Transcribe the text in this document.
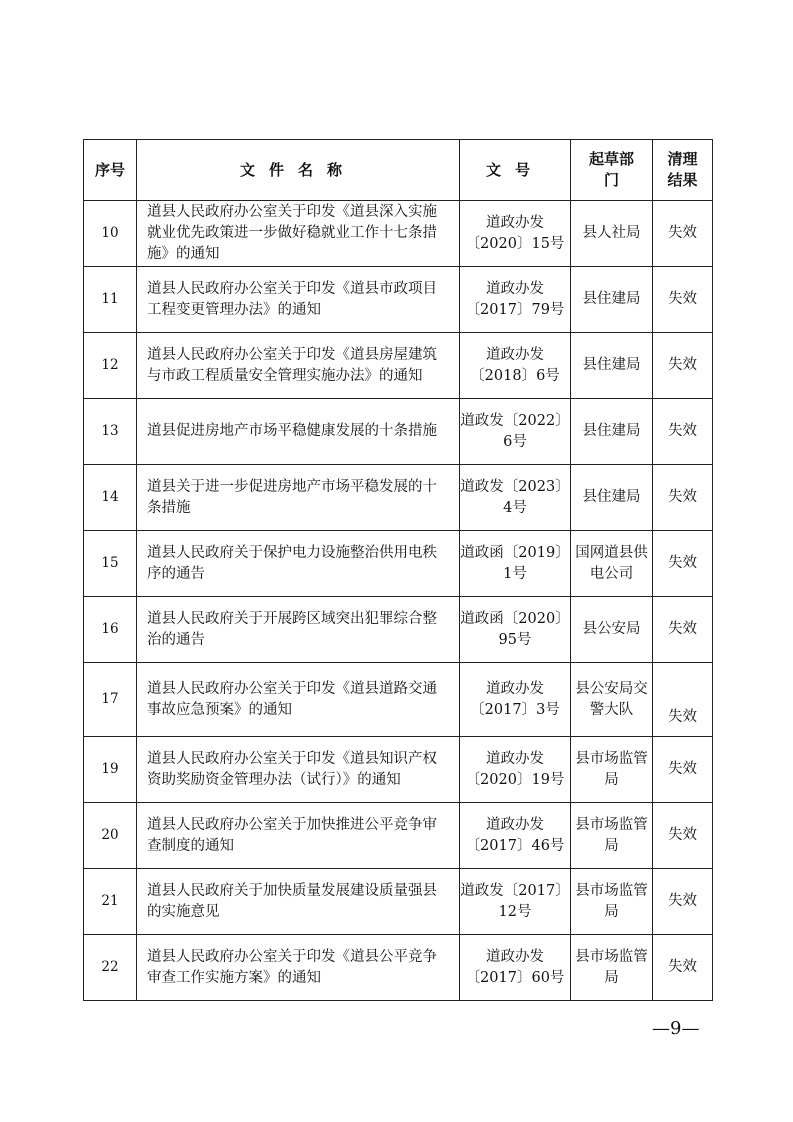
序号	文件名称	文号	起草部门	清理结果
10	道县人民政府办公室关于印发《道县深入实施就业优先政策进一步做好稳就业工作十七条措施》的通知	道政办发〔2020〕15号	县人社局	失效
11	道县人民政府办公室关于印发《道县市政项目工程变更管理办法》的通知	道政办发〔2017〕79号	县住建局	失效
12	道县人民政府办公室关于印发《道县房屋建筑与市政工程质量安全管理实施办法》的通知	道政办发〔2018〕6号	县住建局	失效
13	道县促进房地产市场平稳健康发展的十条措施	道政发〔2022〕6号	县住建局	失效
14	道县关于进一步促进房地产市场平稳发展的十条措施	道政发〔2023〕4号	县住建局	失效
15	道县人民政府关于保护电力设施整治供用电秩序的通告	道政函〔2019〕1号	国网道县供电公司	失效
16	道县人民政府关于开展跨区域突出犯罪综合整治的通告	道政函〔2020〕95号	县公安局	失效
17	道县人民政府办公室关于印发《道县道路交通事故应急预案》的通知	道政办发〔2017〕3号	县公安局交警大队	失效
19	道县人民政府办公室关于印发《道县知识产权资助奖励资金管理办法（试行）》的通知	道政办发〔2020〕19号	县市场监管局	失效
20	道县人民政府办公室关于加快推进公平竞争审查制度的通知	道政办发〔2017〕46号	县市场监管局	失效
21	道县人民政府关于加快质量发展建设质量强县的实施意见	道政发〔2017〕12号	县市场监管局	失效
22	道县人民政府办公室关于印发《道县公平竞争审查工作实施方案》的通知	道政办发〔2017〕60号	县市场监管局	失效
—9—
